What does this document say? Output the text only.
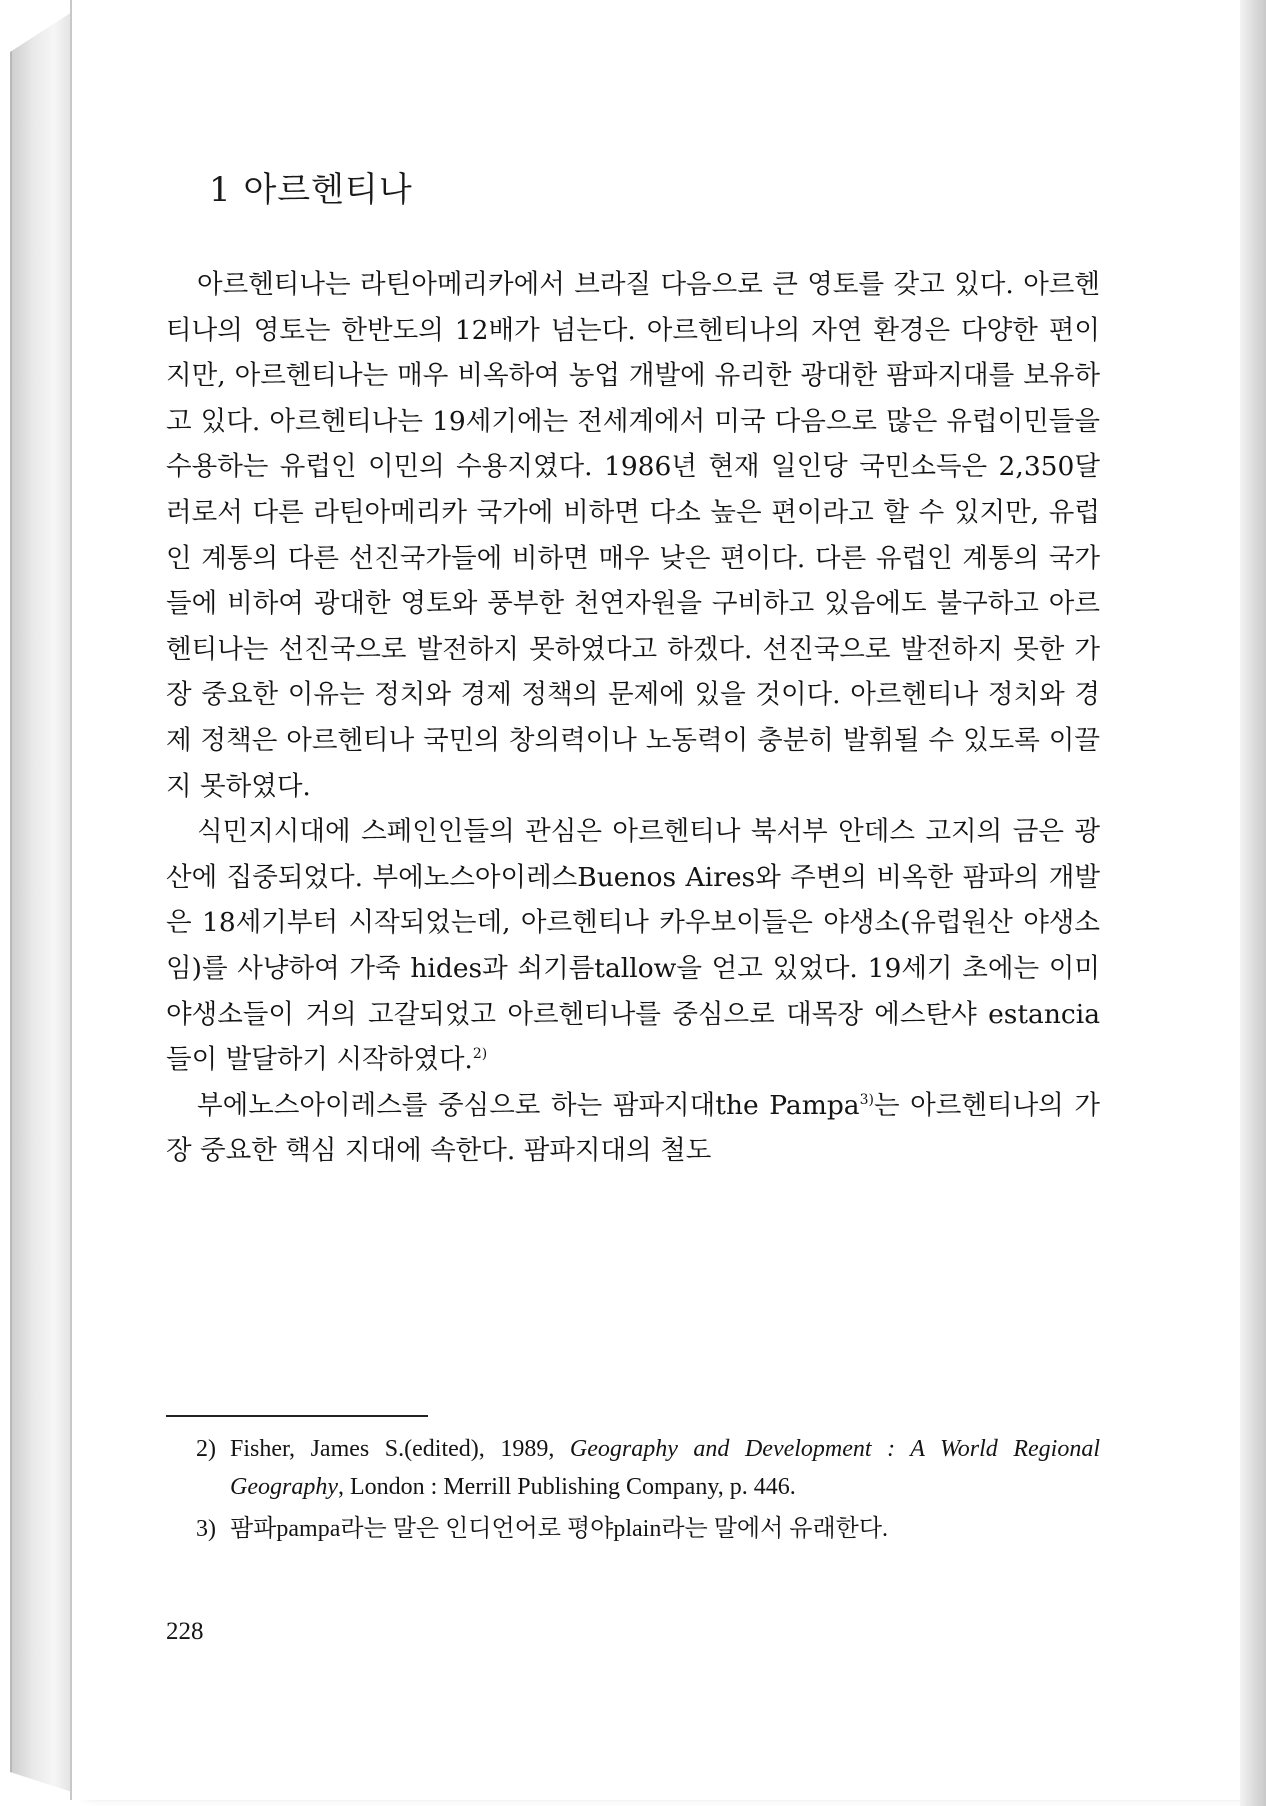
1 아르헨티나

아르헨티나는 라틴아메리카에서 브라질 다음으로 큰 영토를 갖고 있다. 아르헨티나의 영토는 한반도의 12배가 넘는다. 아르헨티나의 자연 환경은 다양한 편이지만, 아르헨티나는 매우 비옥하여 농업 개발에 유리한 광대한 팜파지대를 보유하고 있다. 아르헨티나는 19세기에는 전세계에서 미국 다음으로 많은 유럽이민들을 수용하는 유럽인 이민의 수용지였다. 1986년 현재 일인당 국민소득은 2,350달러로서 다른 라틴아메리카 국가에 비하면 다소 높은 편이라고 할 수 있지만, 유럽인 계통의 다른 선진국가들에 비하면 매우 낮은 편이다. 다른 유럽인 계통의 국가들에 비하여 광대한 영토와 풍부한 천연자원을 구비하고 있음에도 불구하고 아르헨티나는 선진국으로 발전하지 못하였다고 하겠다. 선진국으로 발전하지 못한 가장 중요한 이유는 정치와 경제 정책의 문제에 있을 것이다. 아르헨티나 정치와 경제 정책은 아르헨티나 국민의 창의력이나 노동력이 충분히 발휘될 수 있도록 이끌지 못하였다.

식민지시대에 스페인인들의 관심은 아르헨티나 북서부 안데스 고지의 금은 광산에 집중되었다. 부에노스아이레스Buenos Aires와 주변의 비옥한 팜파의 개발은 18세기부터 시작되었는데, 아르헨티나 카우보이들은 야생소(유럽원산 야생소임)를 사냥하여 가죽 hides과 쇠기름tallow을 얻고 있었다. 19세기 초에는 이미 야생소들이 거의 고갈되었고 아르헨티나를 중심으로 대목장 에스탄샤 estancia들이 발달하기 시작하였다.$^{2)}$

부에노스아이레스를 중심으로 하는 팜파지대the Pampa$^{3)}$는 아르헨티나의 가장 중요한 핵심 지대에 속한다. 팜파지대의 철도

2) Fisher, James S.(edited), 1989, Geography and Development : A World Regional Geography, London : Merrill Publishing Company, p. 446.
3) 팜파pampa라는 말은 인디언어로 평야plain라는 말에서 유래한다.
228
